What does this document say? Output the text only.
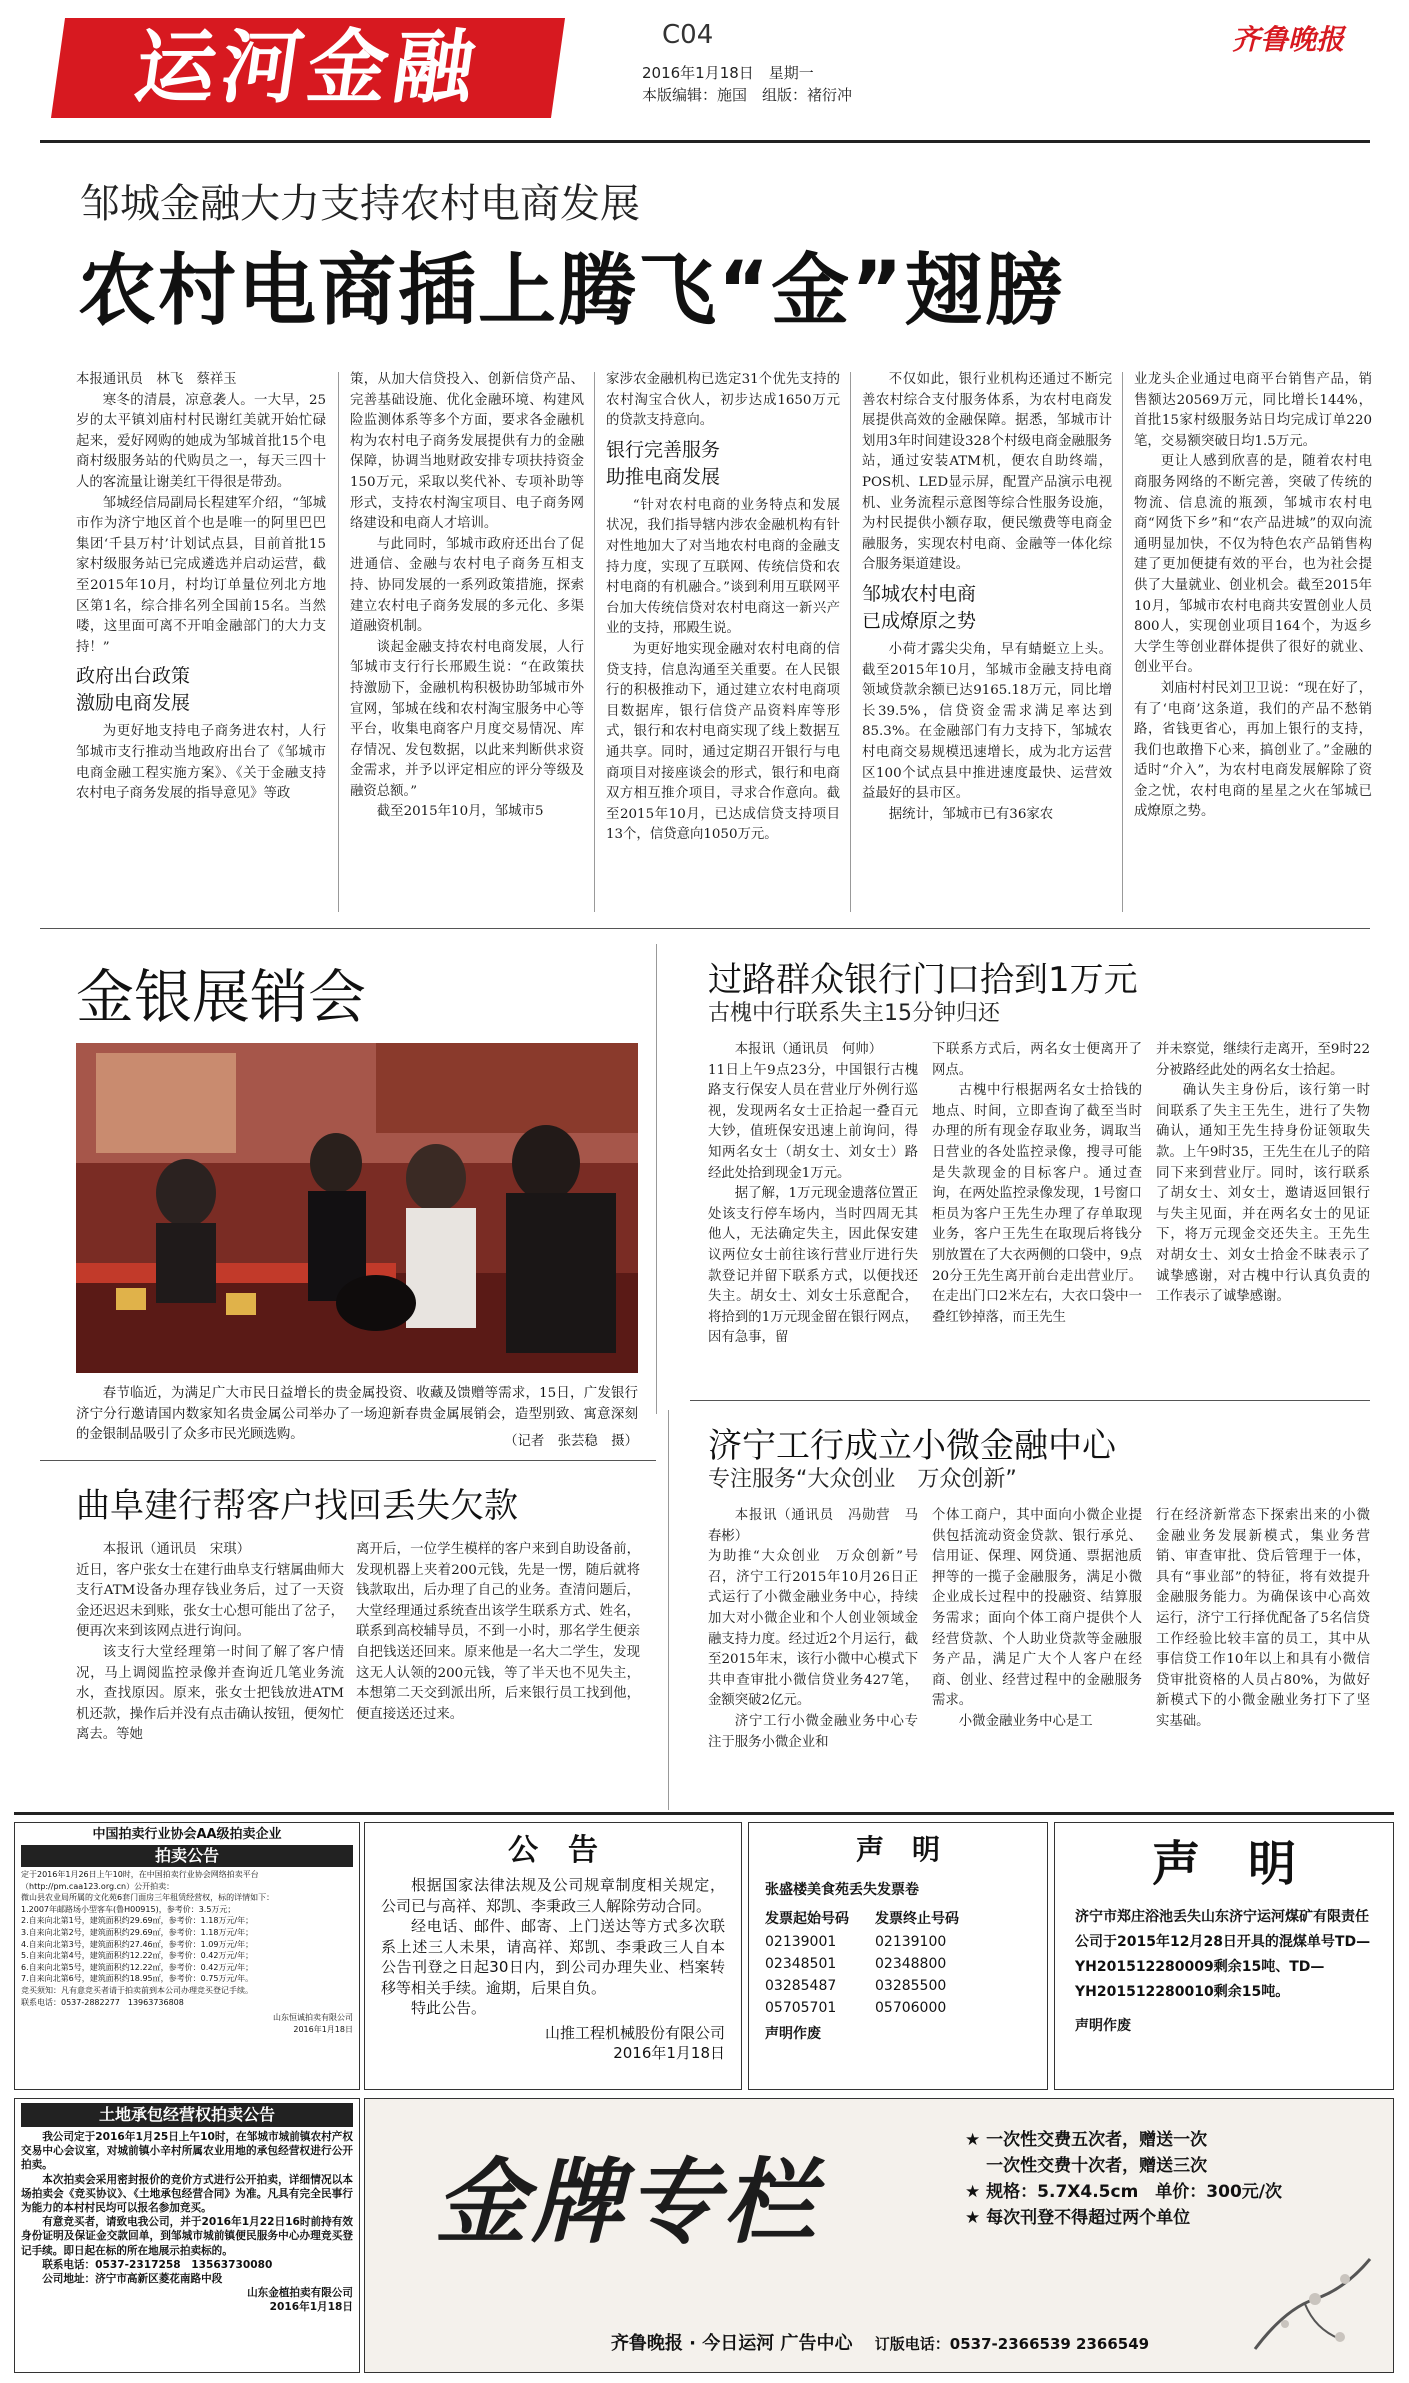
运河金融	C04
2016年1月18日　星期一
本版编辑：施国　组版：褚衍冲
齐鲁晚报
邹城金融大力支持农村电商发展
农村电商插上腾飞“金”翅膀

本报通讯员　林飞　蔡祥玉

寒冬的清晨，凉意袭人。一大早，25岁的太平镇刘庙村村民谢红美就开始忙碌起来，爱好网购的她成为邹城首批15个电商村级服务站的代购员之一，每天三四十人的客流量让谢美红干得很是带劲。

邹城经信局副局长程建军介绍，“邹城市作为济宁地区首个也是唯一的阿里巴巴集团‘千县万村’计划试点县，目前首批15家村级服务站已完成遴选并启动运营，截至2015年10月，村均订单量位列北方地区第1名，综合排名列全国前15名。当然喽，这里面可离不开咱金融部门的大力支持！”

政府出台政策
激励电商发展

为更好地支持电子商务进农村，人行邹城市支行推动当地政府出台了《邹城市电商金融工程实施方案》、《关于金融支持农村电子商务发展的指导意见》等政

策，从加大信贷投入、创新信贷产品、完善基础设施、优化金融环境、构建风险监测体系等多个方面，要求各金融机构为农村电子商务发展提供有力的金融保障，协调当地财政安排专项扶持资金150万元，采取以奖代补、专项补助等形式，支持农村淘宝项目、电子商务网络建设和电商人才培训。

与此同时，邹城市政府还出台了促进通信、金融与农村电子商务互相支持、协同发展的一系列政策措施，探索建立农村电子商务发展的多元化、多渠道融资机制。

谈起金融支持农村电商发展，人行邹城市支行行长邢殿生说：“在政策扶持激励下，金融机构积极协助邹城市外宣网，邹城在线和农村淘宝服务中心等平台，收集电商客户月度交易情况、库存情况、发包数据，以此来判断供求资金需求，并予以评定相应的评分等级及融资总额。”

截至2015年10月，邹城市5

家涉农金融机构已选定31个优先支持的农村淘宝合伙人，初步达成1650万元的贷款支持意向。

银行完善服务
助推电商发展

“针对农村电商的业务特点和发展状况，我们指导辖内涉农金融机构有针对性地加大了对当地农村电商的金融支持力度，实现了互联网、传统信贷和农村电商的有机融合。”谈到利用互联网平台加大传统信贷对农村电商这一新兴产业的支持，邢殿生说。

为更好地实现金融对农村电商的信贷支持，信息沟通至关重要。在人民银行的积极推动下，通过建立农村电商项目数据库，银行信贷产品资料库等形式，银行和农村电商实现了线上数据互通共享。同时，通过定期召开银行与电商项目对接座谈会的形式，银行和电商双方相互推介项目，寻求合作意向。截至2015年10月，已达成信贷支持项目13个，信贷意向1050万元。

不仅如此，银行业机构还通过不断完善农村综合支付服务体系，为农村电商发展提供高效的金融保障。据悉，邹城市计划用3年时间建设328个村级电商金融服务站，通过安装ATM机，便农自助终端，POS机、LED显示屏，配置产品演示电视机、业务流程示意图等综合性服务设施，为村民提供小额存取，便民缴费等电商金融服务，实现农村电商、金融等一体化综合服务渠道建设。

邹城农村电商
已成燎原之势

小荷才露尖尖角，早有蜻蜓立上头。截至2015年10月，邹城市金融支持电商领域贷款余额已达9165.18万元，同比增长39.5%，信贷资金需求满足率达到85.3%。在金融部门有力支持下，邹城农村电商交易规模迅速增长，成为北方运营区100个试点县中推进速度最快、运营效益最好的县市区。

据统计，邹城市已有36家农

业龙头企业通过电商平台销售产品，销售额达20569万元，同比增长144%，首批15家村级服务站日均完成订单220笔，交易额突破日均1.5万元。

更让人感到欣喜的是，随着农村电商服务网络的不断完善，突破了传统的物流、信息流的瓶颈，邹城市农村电商“网货下乡”和“农产品进城”的双向流通明显加快，不仅为特色农产品销售构建了更加便捷有效的平台，也为社会提供了大量就业、创业机会。截至2015年10月，邹城市农村电商共安置创业人员800人，实现创业项目164个，为返乡大学生等创业群体提供了很好的就业、创业平台。

刘庙村村民刘卫卫说：“现在好了，有了‘电商’这条道，我们的产品不愁销路，省钱更省心，再加上银行的支持，我们也敢撸下心来，搞创业了。”金融的适时“介入”，为农村电商发展解除了资金之忧，农村电商的星星之火在邹城已成燎原之势。

金银展销会
春节临近，为满足广大市民日益增长的贵金属投资、收藏及馈赠等需求，15日，广发银行济宁分行邀请国内数家知名贵金属公司举办了一场迎新春贵金属展销会，造型别致、寓意深刻的金银制品吸引了众多市民光顾选购。	（记者　张芸稳　摄）
过路群众银行门口拾到1万元
古槐中行联系失主15分钟归还

本报讯（通讯员　何帅）

11日上午9点23分，中国银行古槐路支行保安人员在营业厅外例行巡视，发现两名女士正拾起一叠百元大钞，值班保安迅速上前询问，得知两名女士（胡女士、刘女士）路经此处拾到现金1万元。

据了解，1万元现金遗落位置正处该支行停车场内，当时四周无其他人，无法确定失主，因此保安建议两位女士前往该行营业厅进行失款登记并留下联系方式，以便找还失主。胡女士、刘女士乐意配合，将拾到的1万元现金留在银行网点，因有急事，留

下联系方式后，两名女士便离开了网点。

古槐中行根据两名女士拾钱的地点、时间，立即查询了截至当时办理的所有现金存取业务，调取当日营业的各处监控录像，搜寻可能是失款现金的目标客户。通过查询，在两处监控录像发现，1号窗口柜员为客户王先生办理了存单取现业务，客户王先生在取现后将钱分别放置在了大衣两侧的口袋中，9点20分王先生离开前台走出营业厅。在走出门口2米左右，大衣口袋中一叠红钞掉落，而王先生

并未察觉，继续行走离开，至9时22分被路经此处的两名女士拾起。

确认失主身份后，该行第一时间联系了失主王先生，进行了失物确认，通知王先生持身份证领取失款。上午9时35，王先生在儿子的陪同下来到营业厅。同时，该行联系了胡女士、刘女士，邀请返回银行与失主见面，并在两名女士的见证下，将万元现金交还失主。王先生对胡女士、刘女士拾金不昧表示了诚挚感谢，对古槐中行认真负责的工作表示了诚挚感谢。

曲阜建行帮客户找回丢失欠款

本报讯（通讯员　宋琪）

近日，客户张女士在建行曲阜支行辖属曲师大支行ATM设备办理存钱业务后，过了一天资金还迟迟未到账，张女士心想可能出了岔子，便再次来到该网点进行询问。

该支行大堂经理第一时间了解了客户情况，马上调阅监控录像并查询近几笔业务流水，查找原因。原来，张女士把钱放进ATM机还款，操作后并没有点击确认按钮，便匆忙离去。等她

离开后，一位学生模样的客户来到自助设备前，发现机器上夹着200元钱，先是一愣，随后就将钱款取出，后办理了自己的业务。查清问题后，大堂经理通过系统查出该学生联系方式、姓名，联系到高校辅导员，不到一小时，那名学生便亲自把钱送还回来。原来他是一名大二学生，发现这无人认领的200元钱，等了半天也不见失主，本想第二天交到派出所，后来银行员工找到他，便直接送还过来。

济宁工行成立小微金融中心
专注服务“大众创业　万众创新”

本报讯（通讯员　冯勋营　马春彬）

为助推“大众创业　万众创新”号召，济宁工行2015年10月26日正式运行了小微金融业务中心，持续加大对小微企业和个人创业领域金融支持力度。经过近2个月运行，截至2015年末，该行小微中心模式下共申查审批小微信贷业务427笔，金额突破2亿元。

济宁工行小微金融业务中心专注于服务小微企业和

个体工商户，其中面向小微企业提供包括流动资金贷款、银行承兑、信用证、保理、网贷通、票据池质押等的一揽子金融服务，满足小微企业成长过程中的投融资、结算服务需求；面向个体工商户提供个人经营贷款、个人助业贷款等金融服务产品，满足广大个人客户在经商、创业、经营过程中的金融服务需求。

小微金融业务中心是工

行在经济新常态下探索出来的小微金融业务发展新模式，集业务营销、审查审批、贷后管理于一体，具有“事业部”的特征，将有效提升金融服务能力。为确保该中心高效运行，济宁工行择优配备了5名信贷工作经验比较丰富的员工，其中从事信贷工作10年以上和具有小微信贷审批资格的人员占80%，为做好新模式下的小微金融业务打下了坚实基础。

中国拍卖行业协会AA级拍卖企业
拍卖公告
定于2016年1月26日上午10时，在中国拍卖行业协会网络拍卖平台（http://pm.caa123.org.cn）公开拍卖：
微山县农业局所属的文化苑6套门面房三年租赁经营权，标的详情如下：
1.2007年邮路场小型客车(鲁H00915)，参考价：3.5万元；
2.自来向北第1号，建筑面积约29.69㎡，参考价：1.18万元/年；
3.自来向北第2号，建筑面积约29.69㎡，参考价：1.18万元/年；
4.自来向北第3号，建筑面积约27.46㎡，参考价：1.09万元/年；
5.自来向北第4号，建筑面积约12.22㎡，参考价：0.42万元/年；
6.自来向北第5号，建筑面积约12.22㎡，参考价：0.42万元/年；
7.自来向北第6号，建筑面积约18.95㎡，参考价：0.75万元/年。
竞买须知：凡有意竞买者请于拍卖前到本公司办理竞买登记手续。
联系电话：0537-2882277　13963736808
山东恒诚拍卖有限公司
2016年1月18日
公　告

根据国家法律法规及公司规章制度相关规定，公司已与高祥、郑凯、李秉政三人解除劳动合同。

经电话、邮件、邮寄、上门送达等方式多次联系上述三人未果，请高祥、郑凯、李秉政三人自本公告刊登之日起30日内，到公司办理失业、档案转移等相关手续。逾期，后果自负。

特此公告。

山推工程机械股份有限公司
2016年1月18日
声　明
张盛楼美食苑丢失发票卷
发票起始号码	发票终止号码
02139001	02139100
02348501	02348800
03285487	03285500
05705701	05706000
声明作废
声　明
济宁市郑庄浴池丢失山东济宁运河煤矿有限责任公司于2015年12月28日开具的混煤单号TD—YH201512280009剩余15吨、TD—YH201512280010剩余15吨。
声明作废
土地承包经营权拍卖公告

我公司定于2016年1月25日上午10时，在邹城市城前镇农村产权交易中心会议室，对城前镇小辛村所属农业用地的承包经营权进行公开拍卖。

本次拍卖会采用密封报价的竞价方式进行公开拍卖，详细情况以本场拍卖会《竞买协议》、《土地承包经营合同》为准。凡具有完全民事行为能力的本村村民均可以报名参加竞买。

有意竞买者，请致电我公司，并于2016年1月22日16时前持有效身份证明及保证金交款回单，到邹城市城前镇便民服务中心办理竞买登记手续。即日起在标的所在地展示拍卖标的。

联系电话：0537-2317258　13563730080

公司地址：济宁市高新区菱花南路中段

山东金植拍卖有限公司
2016年1月18日
金牌专栏
★ 一次性交费五次者，赠送一次
一次性交费十次者，赠送三次
★ 规格：5.7X4.5cm　单价：300元/次
★ 每次刊登不得超过两个单位
齐鲁晚报 · 今日运河 广告中心 订版电话：0537-2366539 2366549
